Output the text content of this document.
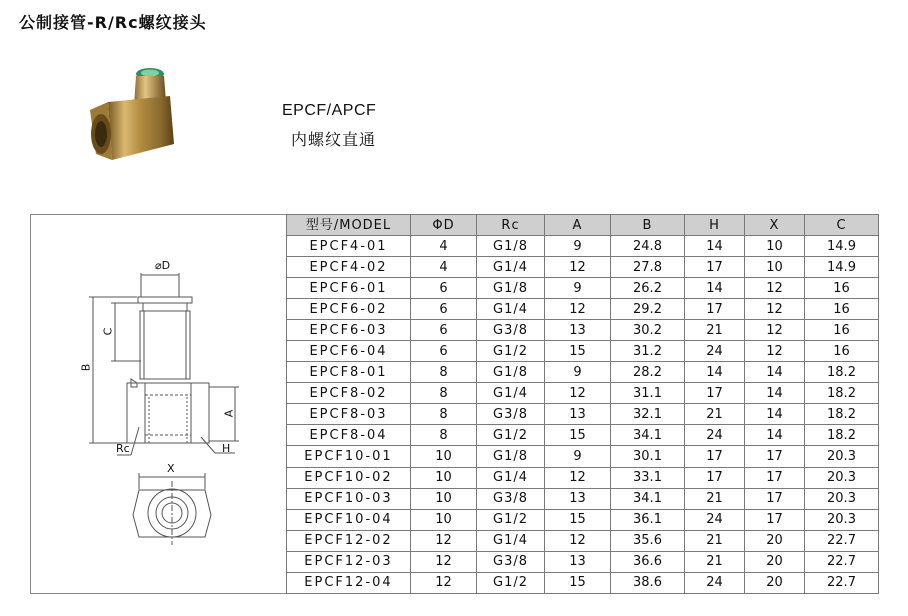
公制接管-R/Rc螺纹接头
EPCF/APCF
内螺纹直通
⌀D
C
B
A
Rc	H
X
型号/MODEL	ΦD	Rc	A	B	H	X	C
EPCF4-01	4	G1/8	9	24.8	14	10	14.9
EPCF4-02	4	G1/4	12	27.8	17	10	14.9
EPCF6-01	6	G1/8	9	26.2	14	12	16
EPCF6-02	6	G1/4	12	29.2	17	12	16
EPCF6-03	6	G3/8	13	30.2	21	12	16
EPCF6-04	6	G1/2	15	31.2	24	12	16
EPCF8-01	8	G1/8	9	28.2	14	14	18.2
EPCF8-02	8	G1/4	12	31.1	17	14	18.2
EPCF8-03	8	G3/8	13	32.1	21	14	18.2
EPCF8-04	8	G1/2	15	34.1	24	14	18.2
EPCF10-01	10	G1/8	9	30.1	17	17	20.3
EPCF10-02	10	G1/4	12	33.1	17	17	20.3
EPCF10-03	10	G3/8	13	34.1	21	17	20.3
EPCF10-04	10	G1/2	15	36.1	24	17	20.3
EPCF12-02	12	G1/4	12	35.6	21	20	22.7
EPCF12-03	12	G3/8	13	36.6	21	20	22.7
EPCF12-04	12	G1/2	15	38.6	24	20	22.7
